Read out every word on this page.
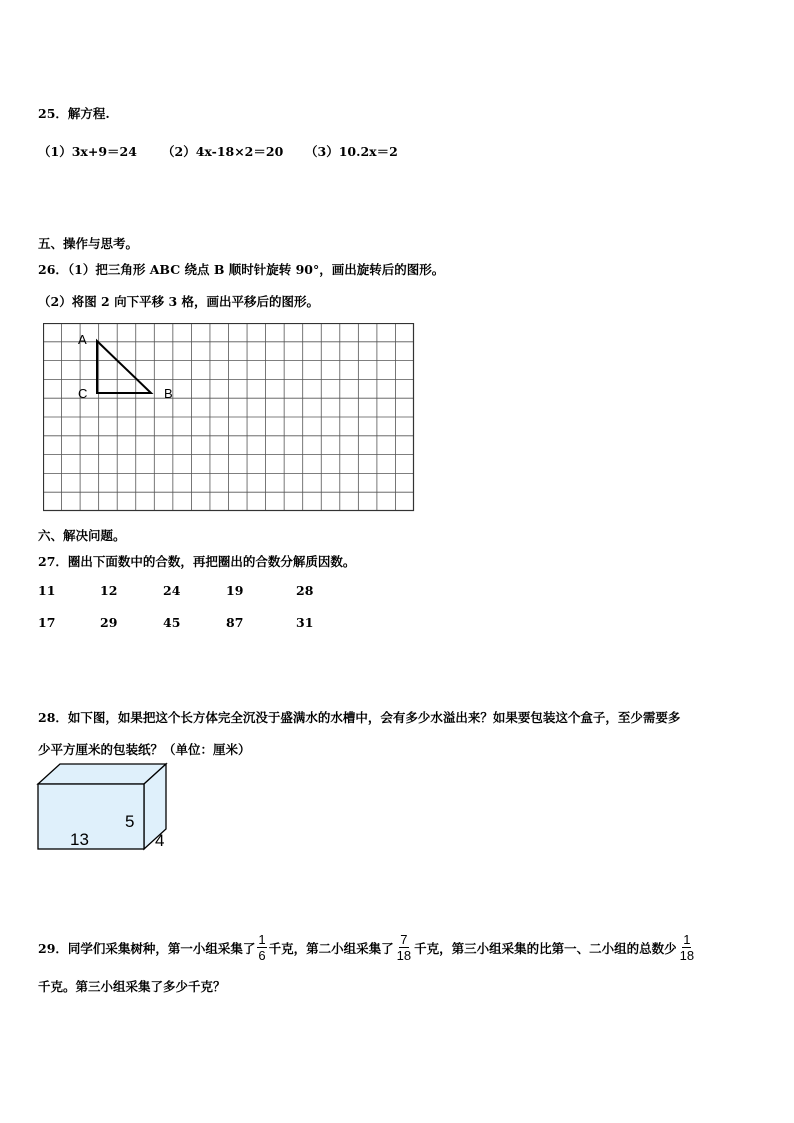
25．解方程.
（1）3x+9＝24 （2）4x-18×2＝20 （3）10.2x＝2
五、操作与思考。
26．（1）把三角形 ABC 绕点 B 顺时针旋转 90°，画出旋转后的图形。
（2）将图 2 向下平移 3 格，画出平移后的图形。
A
C	B
六、解决问题。
27．圈出下面数中的合数，再把圈出的合数分解质因数。
11	12	24	19	28
17	29	45	87	31
28．如下图，如果把这个长方体完全沉没于盛满水的水槽中，会有多少水溢出来？如果要包装这个盒子，至少需要多
少平方厘米的包装纸？（单位：厘米）
13
5
4
29．同学们采集树种，第一小组采集了 $\frac{1}{6}$ 千克，第二小组采集了 $\frac{7}{18}$ 千克，第三小组采集的比第一、二小组的总数少 $\frac{1}{18}$
千克。第三小组采集了多少千克？
